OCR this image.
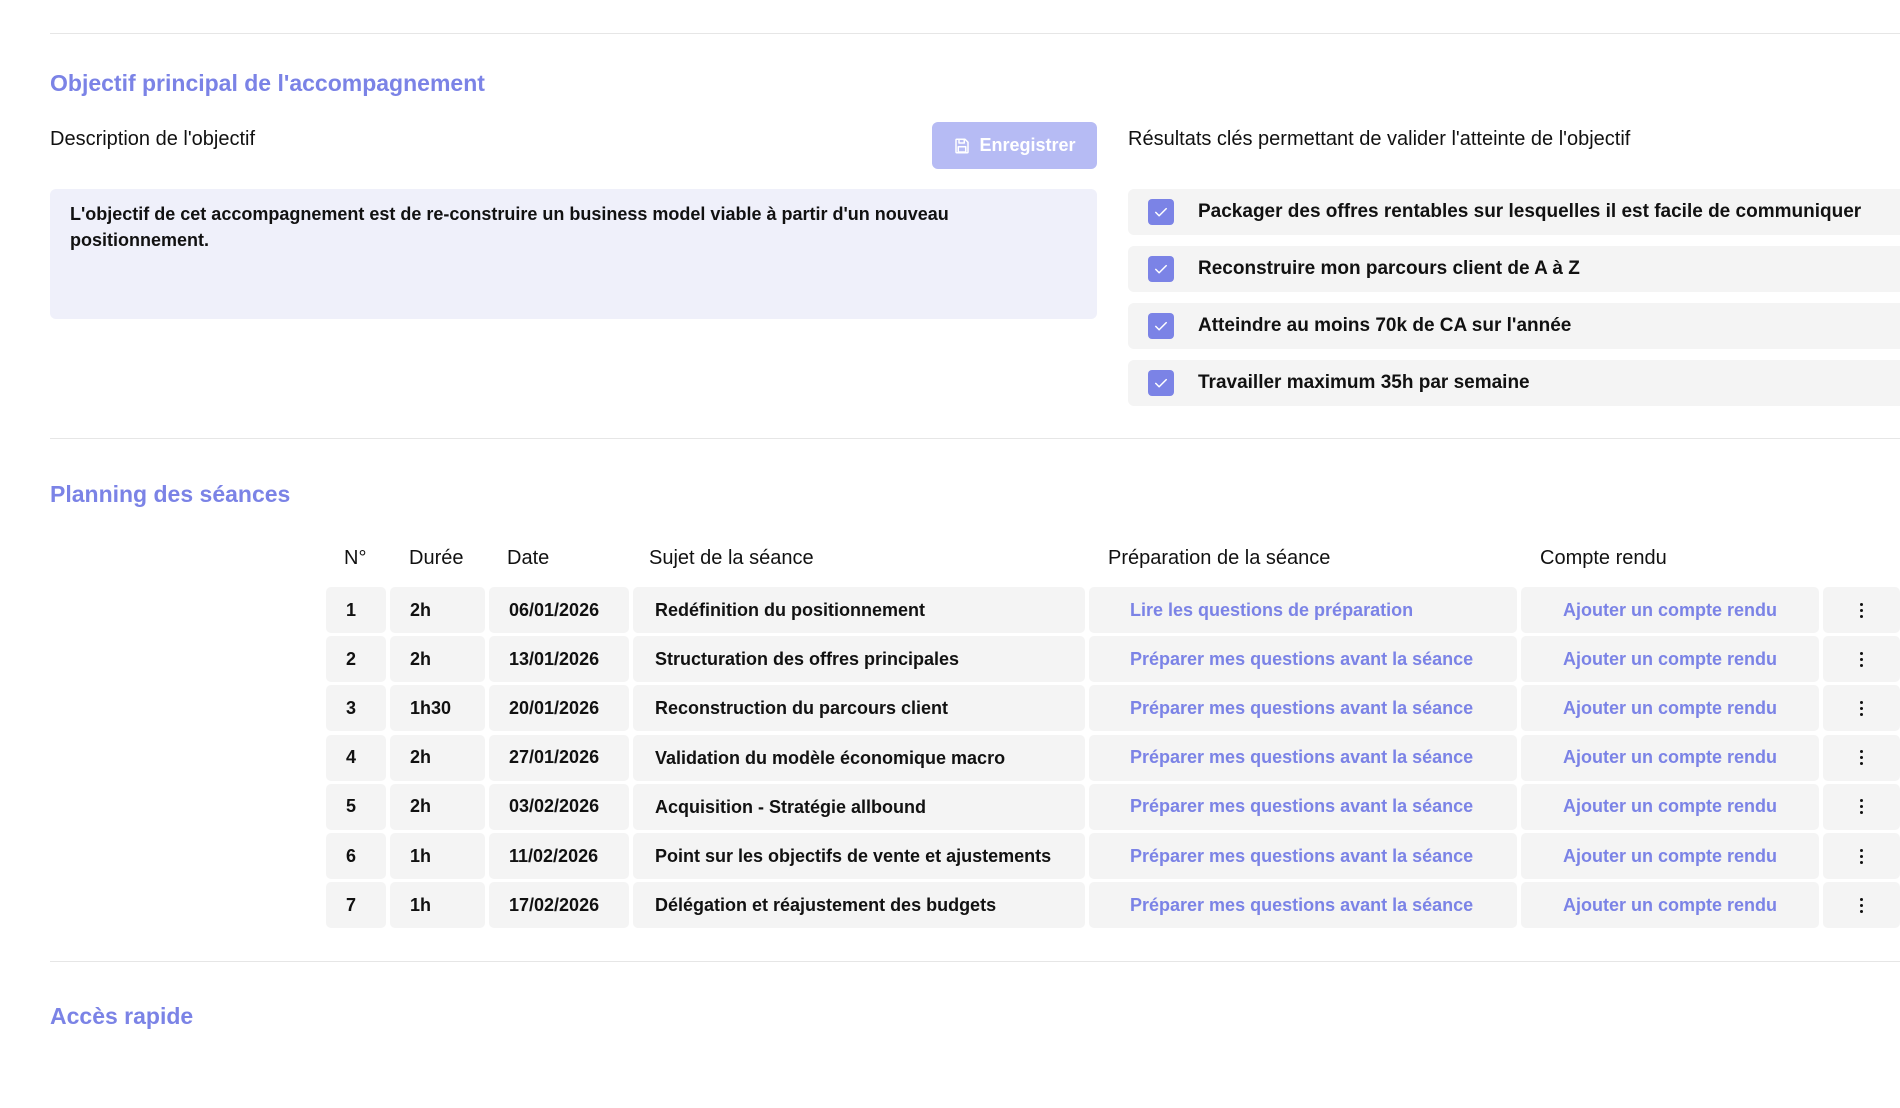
Objectif principal de l'accompagnement
Description de l'objectif	Enregistrer
L'objectif de cet accompagnement est de re-construire un business model viable à partir d'un nouveau positionnement.
Résultats clés permettant de valider l'atteinte de l'objectif
Packager des offres rentables sur lesquelles il est facile de communiquer
Reconstruire mon parcours client de A à Z
Atteindre au moins 70k de CA sur l'année
Travailler maximum 35h par semaine
Planning des séances
N° Durée Date	Sujet de la séance	Préparation de la séance	Compte rendu
1	2h	06/01/2026	Redéfinition du positionnement	Lire les questions de préparation	Ajouter un compte rendu
2	2h	13/01/2026	Structuration des offres principales	Préparer mes questions avant la séance	Ajouter un compte rendu
3	1h30	20/01/2026	Reconstruction du parcours client	Préparer mes questions avant la séance	Ajouter un compte rendu
4	2h	27/01/2026	Validation du modèle économique macro	Préparer mes questions avant la séance	Ajouter un compte rendu
5	2h	03/02/2026	Acquisition - Stratégie allbound	Préparer mes questions avant la séance	Ajouter un compte rendu
6	1h	11/02/2026	Point sur les objectifs de vente et ajustements	Préparer mes questions avant la séance	Ajouter un compte rendu
7	1h	17/02/2026	Délégation et réajustement des budgets	Préparer mes questions avant la séance	Ajouter un compte rendu
Accès rapide
